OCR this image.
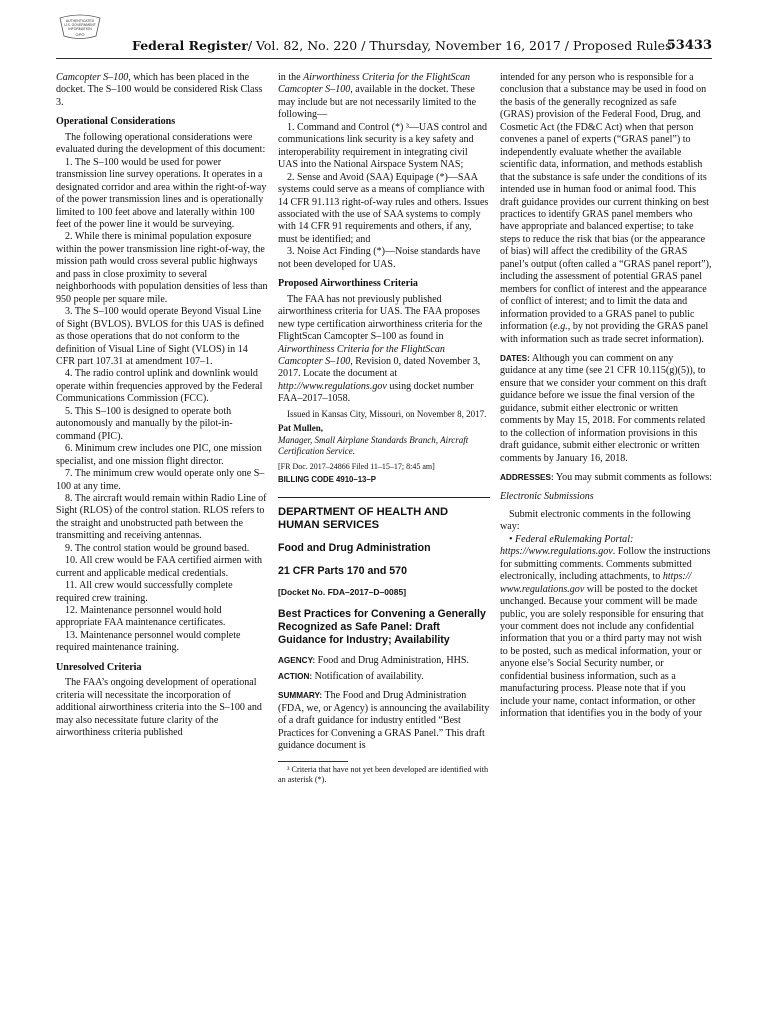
AUTHENTICATED
U.S. GOVERNMENT
INFORMATION
GPO
Federal Register/ Vol. 82, No. 220 / Thursday, November 16, 2017 / Proposed Rules
53433

Camcopter S–100, which has been placed in the docket. The S–100 would be considered Risk Class 3.

Operational Considerations

The following operational considerations were evaluated during the development of this document:

1. The S–100 would be used for power transmission line survey operations. It operates in a designated corridor and area within the right-of-way of the power transmission lines and is operationally limited to 100 feet above and laterally within 100 feet of the power line it would be surveying.

2. While there is minimal population exposure within the power transmission line right-of-way, the mission path would cross several public highways and pass in close proximity to several neighborhoods with population densities of less than 950 people per square mile.

3. The S–100 would operate Beyond Visual Line of Sight (BVLOS). BVLOS for this UAS is defined as those operations that do not conform to the definition of Visual Line of Sight (VLOS) in 14 CFR part 107.31 at amendment 107–1.

4. The radio control uplink and downlink would operate within frequencies approved by the Federal Communications Commission (FCC).

5. This S–100 is designed to operate both autonomously and manually by the pilot-in-command (PIC).

6. Minimum crew includes one PIC, one mission specialist, and one mission flight director.

7. The minimum crew would operate only one S–100 at any time.

8. The aircraft would remain within Radio Line of Sight (RLOS) of the control station. RLOS refers to the straight and unobstructed path between the transmitting and receiving antennas.

9. The control station would be ground based.

10. All crew would be FAA certified airmen with current and applicable medical credentials.

11. All crew would successfully complete required crew training.

12. Maintenance personnel would hold appropriate FAA maintenance certificates.

13. Maintenance personnel would complete required maintenance training.

Unresolved Criteria

The FAA’s ongoing development of operational criteria will necessitate the incorporation of additional airworthiness criteria into the S–100 and may also necessitate future clarity of the airworthiness criteria published

in the Airworthiness Criteria for the FlightScan Camcopter S–100, available in the docket. These may include but are not necessarily limited to the following—

1. Command and Control (*) ³—UAS control and communications link security is a key safety and interoperability requirement in integrating civil UAS into the National Airspace System NAS;

2. Sense and Avoid (SAA) Equipage (*)—SAA systems could serve as a means of compliance with 14 CFR 91.113 right-of-way rules and others. Issues associated with the use of SAA systems to comply with 14 CFR 91 requirements and others, if any, must be identified; and

3. Noise Act Finding (*)—Noise standards have not been developed for UAS.

Proposed Airworthiness Criteria

The FAA has not previously published airworthiness criteria for UAS. The FAA proposes new type certification airworthiness criteria for the FlightScan Camcopter S–100 as found in Airworthiness Criteria for the FlightScan Camcopter S–100, Revision 0, dated November 3, 2017. Locate the document at http://www.regulations.gov using docket number FAA–2017–1058.

Issued in Kansas City, Missouri, on November 8, 2017.

Pat Mullen,

Manager, Small Airplane Standards Branch, Aircraft Certification Service.

[FR Doc. 2017–24866 Filed 11–15–17; 8:45 am]

BILLING CODE 4910–13–P

DEPARTMENT OF HEALTH AND HUMAN SERVICES

Food and Drug Administration

21 CFR Parts 170 and 570

[Docket No. FDA–2017–D–0085]

Best Practices for Convening a Generally Recognized as Safe Panel: Draft Guidance for Industry; Availability

AGENCY: Food and Drug Administration, HHS.

ACTION: Notification of availability.

SUMMARY: The Food and Drug Administration (FDA, we, or Agency) is announcing the availability of a draft guidance for industry entitled “Best Practices for Convening a GRAS Panel.” This draft guidance document is

³ Criteria that have not yet been developed are identified with an asterisk (*).

intended for any person who is responsible for a conclusion that a substance may be used in food on the basis of the generally recognized as safe (GRAS) provision of the Federal Food, Drug, and Cosmetic Act (the FD&C Act) when that person convenes a panel of experts (“GRAS panel”) to independently evaluate whether the available scientific data, information, and methods establish that the substance is safe under the conditions of its intended use in human food or animal food. This draft guidance provides our current thinking on best practices to identify GRAS panel members who have appropriate and balanced expertise; to take steps to reduce the risk that bias (or the appearance of bias) will affect the credibility of the GRAS panel’s output (often called a “GRAS panel report”), including the assessment of potential GRAS panel members for conflict of interest and the appearance of conflict of interest; and to limit the data and information provided to a GRAS panel to public information (e.g., by not providing the GRAS panel with information such as trade secret information).

DATES: Although you can comment on any guidance at any time (see 21 CFR 10.115(g)(5)), to ensure that we consider your comment on this draft guidance before we issue the final version of the guidance, submit either electronic or written comments by May 15, 2018. For comments related to the collection of information provisions in this draft guidance, submit either electronic or written comments by January 16, 2018.

ADDRESSES: You may submit comments as follows:

Electronic Submissions

Submit electronic comments in the following way:

• Federal eRulemaking Portal: https://www.regulations.gov. Follow the instructions for submitting comments. Comments submitted electronically, including attachments, to https:// www.regulations.gov will be posted to the docket unchanged. Because your comment will be made public, you are solely responsible for ensuring that your comment does not include any confidential information that you or a third party may not wish to be posted, such as medical information, your or anyone else’s Social Security number, or confidential business information, such as a manufacturing process. Please note that if you include your name, contact information, or other information that identifies you in the body of your
